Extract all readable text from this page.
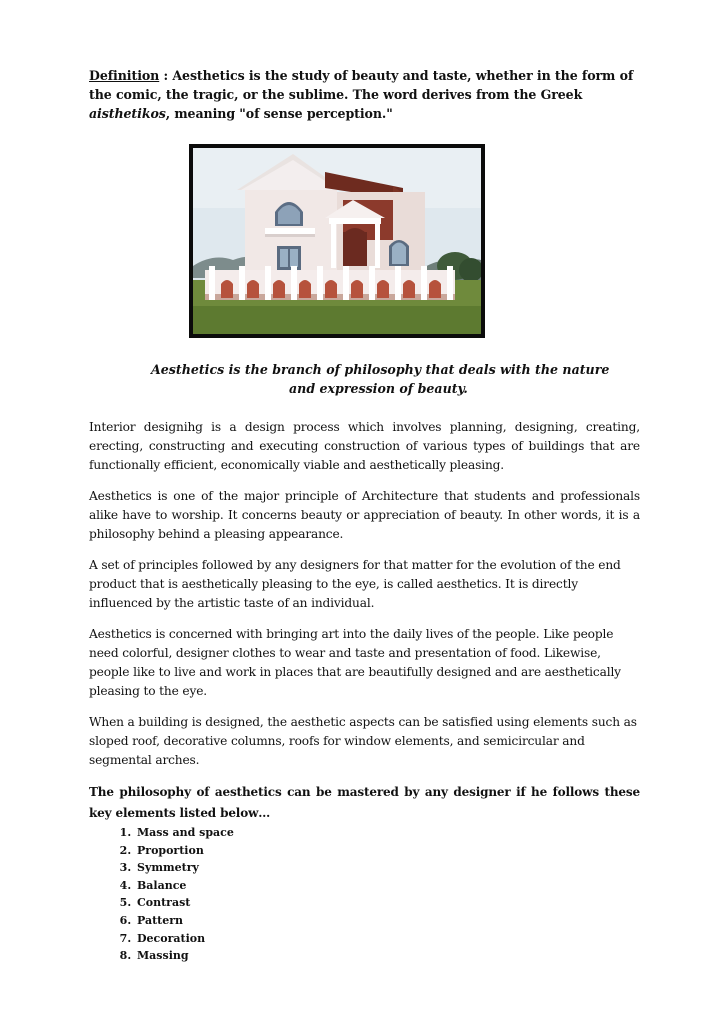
Definition : Aesthetics is the study of beauty and taste, whether in the form of the comic, the tragic, or the sublime. The word derives from the Greek aisthetikos, meaning "of sense perception."

Aesthetics is the branch of philosophy that deals with the nature
and expression of beauty.

Interior designihg is a design process which involves planning, designing, creating, erecting, constructing and executing construction of various types of buildings that are functionally efficient, economically viable and aesthetically pleasing.

Aesthetics is one of the major principle of Architecture that students and professionals alike have to worship. It concerns beauty or appreciation of beauty. In other words, it is a philosophy behind a pleasing appearance.

A set of principles followed by any designers for that matter for the evolution of the end product that is aesthetically pleasing to the eye, is called aesthetics. It is directly influenced by the artistic taste of an individual.

Aesthetics is concerned with bringing art into the daily lives of the people. Like people need colorful, designer clothes to wear and taste and presentation of food. Likewise, people like to live and work in places that are beautifully designed and are aesthetically pleasing to the eye.

When a building is designed, the aesthetic aspects can be satisfied using elements such as sloped roof, decorative columns, roofs for window elements, and semicircular and segmental arches.

The philosophy of aesthetics can be mastered by any designer if he follows these key elements listed below…

1. Mass and space
2. Proportion
3. Symmetry
4. Balance
5. Contrast
6. Pattern
7. Decoration
8. Massing
